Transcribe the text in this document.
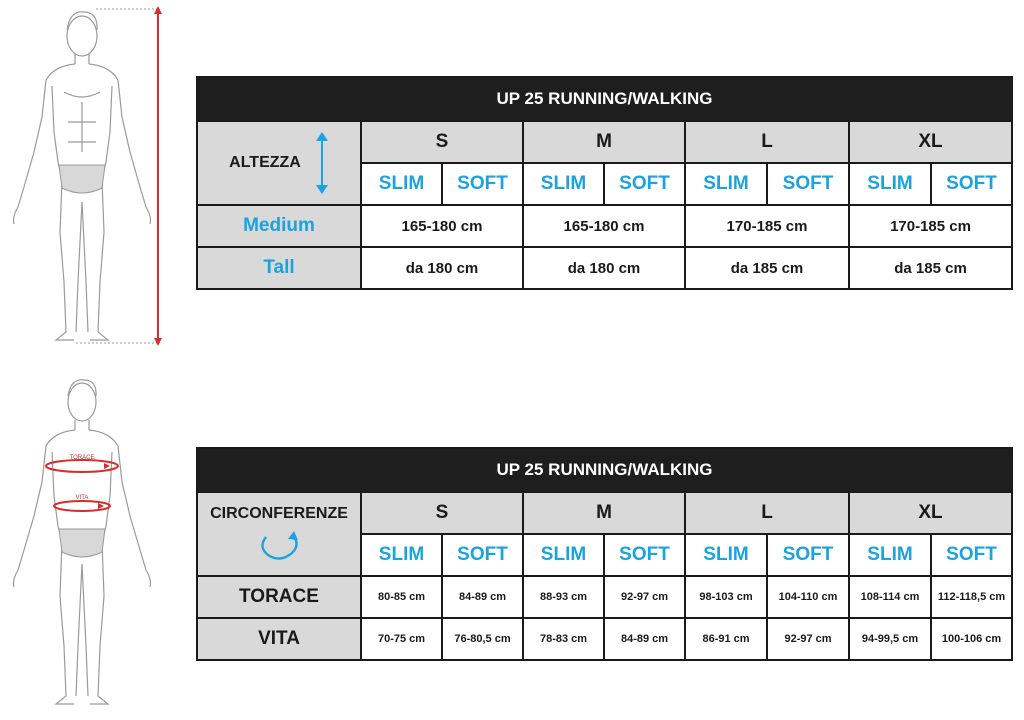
TORACE
VITA
UP 25 RUNNING/WALKING								

ALTEZZA	S		M		L		XL	
	SLIM	SOFT	SLIM	SOFT	SLIM	SOFT	SLIM	SOFT
Medium	165-180 cm		165-180 cm		170-185 cm		170-185 cm	
Tall	da 180 cm		da 180 cm		da 185 cm		da 185 cm	
UP 25 RUNNING/WALKING								

CIRCONFERENZE	S		M		L		XL	
	SLIM	SOFT	SLIM	SOFT	SLIM	SOFT	SLIM	SOFT
TORACE	80-85 cm	84-89 cm	88-93 cm	92-97 cm	98-103 cm	104-110 cm	108-114 cm	112-118,5 cm
VITA	70-75 cm	76-80,5 cm	78-83 cm	84-89 cm	86-91 cm	92-97 cm	94-99,5 cm	100-106 cm
